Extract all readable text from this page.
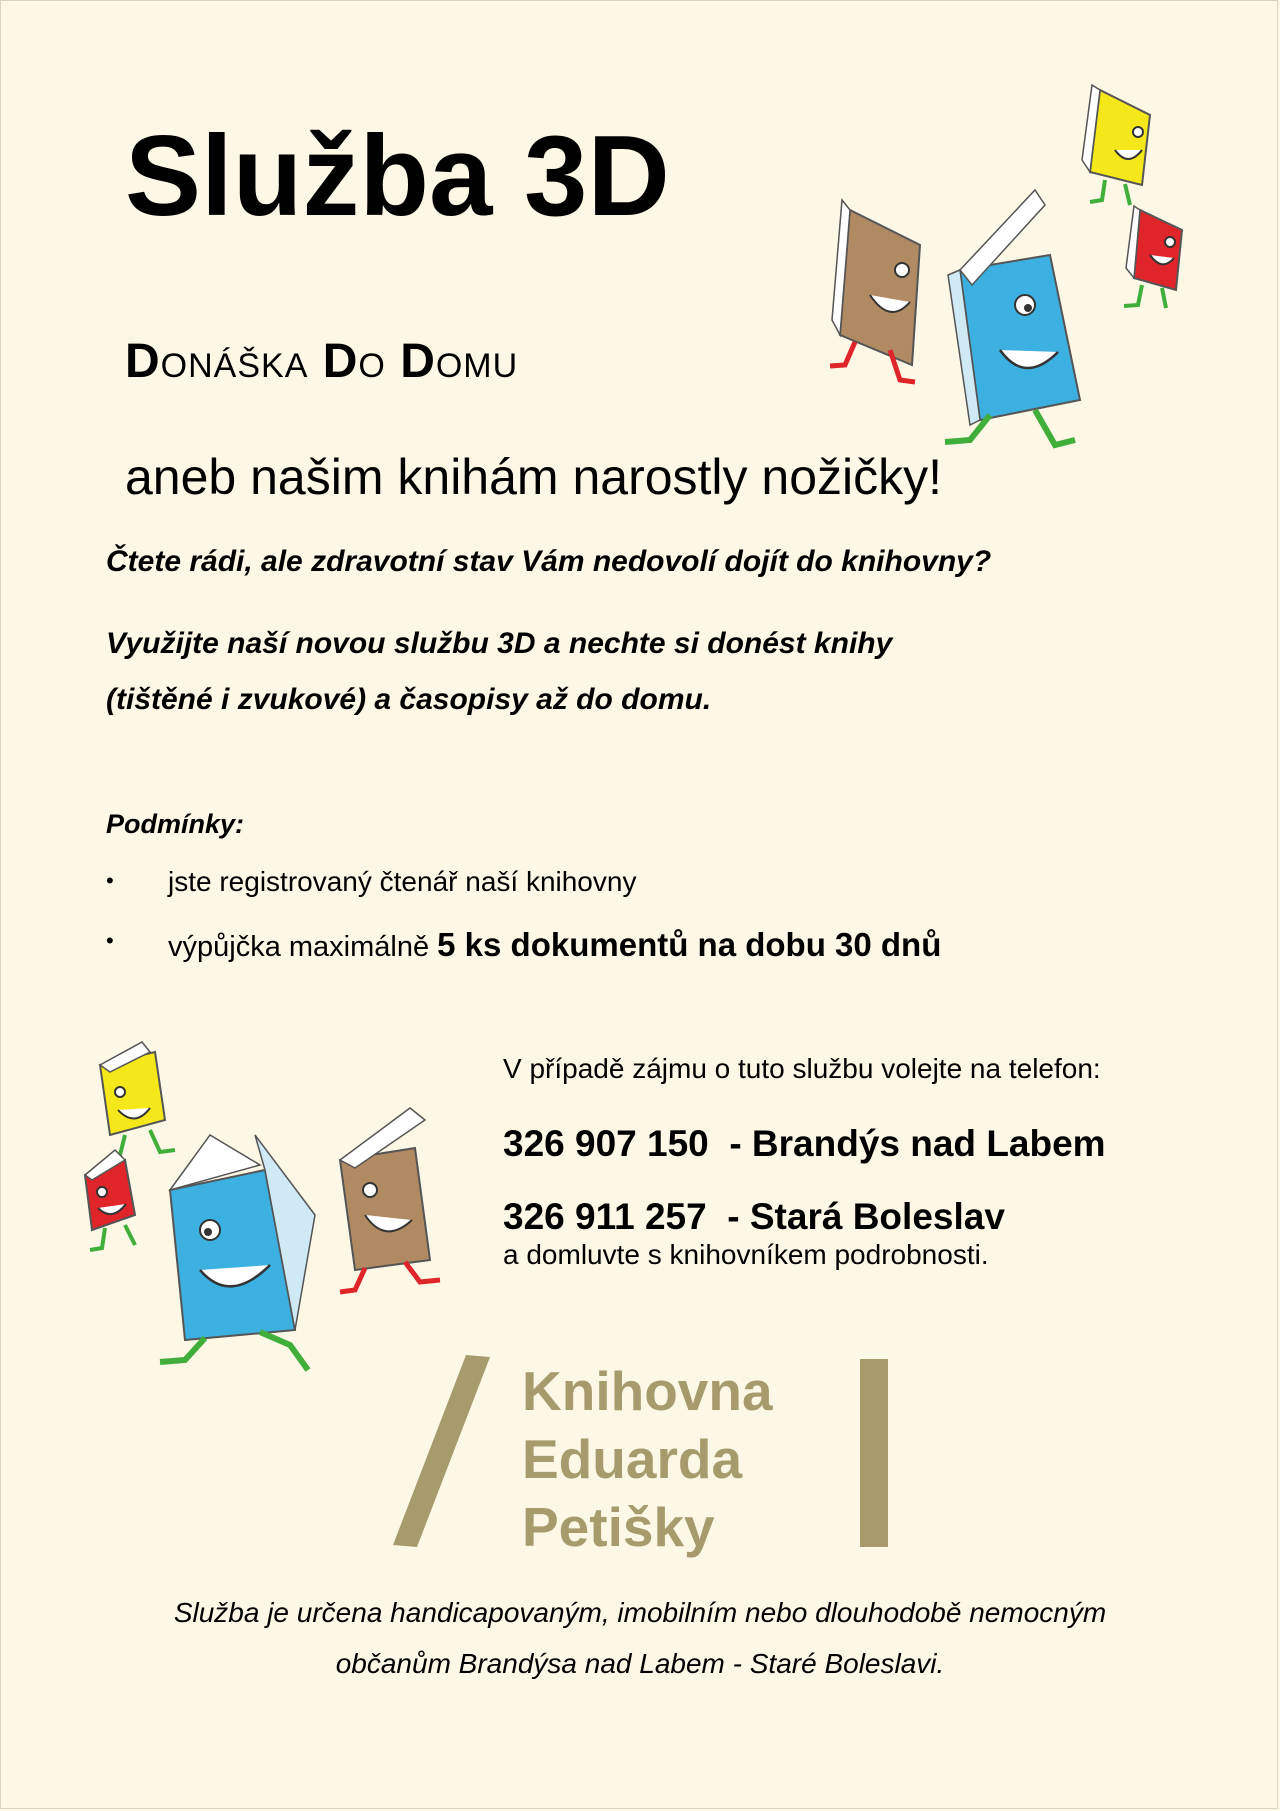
Služba 3D
Donáška Do Domu
aneb našim knihám narostly nožičky!
Čtete rádi, ale zdravotní stav Vám nedovolí dojít do knihovny?
Využijte naší novou službu 3D a nechte si donést knihy
(tištěné i zvukové) a časopisy až do domu.
Podmínky:
• jste registrovaný čtenář naší knihovny
• výpůjčka maximálně 5 ks dokumentů na dobu 30 dnů
V případě zájmu o tuto službu volejte na telefon:
326 907 150  - Brandýs nad Labem
326 911 257  - Stará Boleslav
a domluvte s knihovníkem podrobnosti.
Knihovna
Eduarda
Petišky
Služba je určena handicapovaným, imobilním nebo dlouhodobě nemocným
občanům Brandýsa nad Labem - Staré Boleslavi.
